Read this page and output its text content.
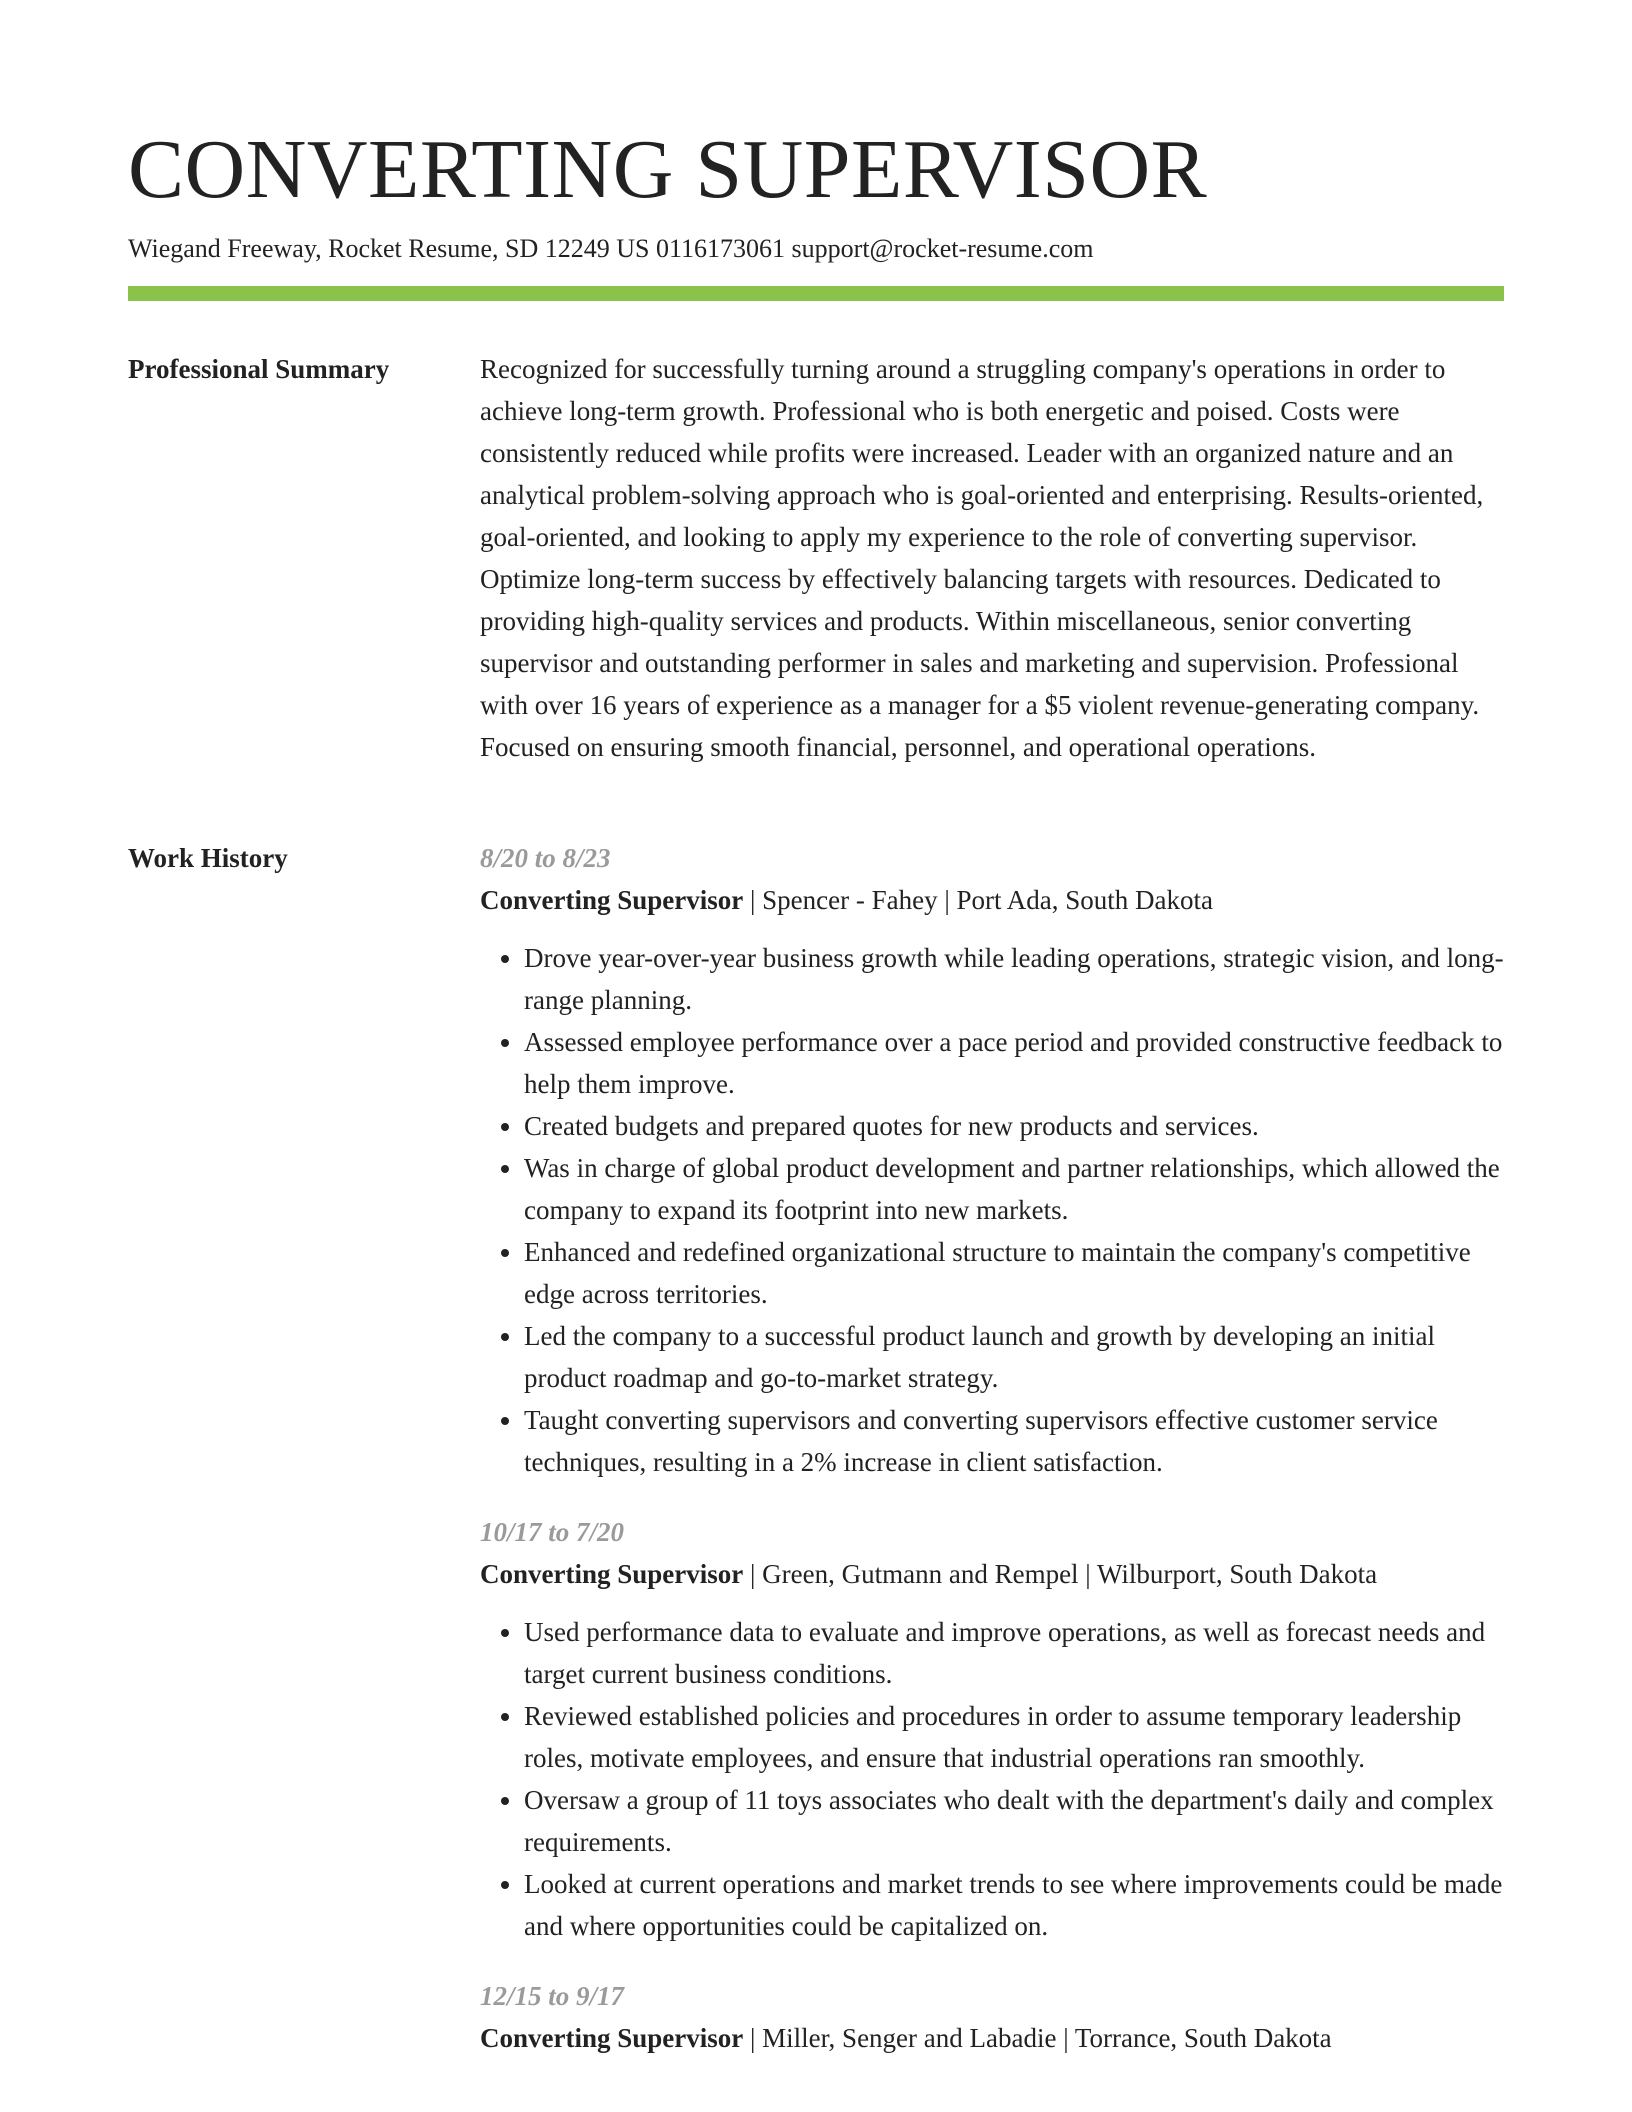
CONVERTING SUPERVISOR
Wiegand Freeway, Rocket Resume, SD 12249 US 0116173061 support@rocket-resume.com
Professional Summary	Recognized for successfully turning around a struggling company's operations in order to achieve long-term growth. Professional who is both energetic and poised. Costs were consistently reduced while profits were increased. Leader with an organized nature and an analytical problem-solving approach who is goal-oriented and enterprising. Results-oriented, goal-oriented, and looking to apply my experience to the role of converting supervisor. Optimize long-term success by effectively balancing targets with resources. Dedicated to providing high-quality services and products. Within miscellaneous, senior converting supervisor and outstanding performer in sales and marketing and supervision. Professional with over 16 years of experience as a manager for a $5 violent revenue-generating company. Focused on ensuring smooth financial, personnel, and operational operations.

Work History	8/20 to 8/23
Converting Supervisor | Spencer - Fahey | Port Ada, South Dakota
• Drove year-over-year business growth while leading operations, strategic vision, and long-range planning.
• Assessed employee performance over a pace period and provided constructive feedback to help them improve.
• Created budgets and prepared quotes for new products and services.
• Was in charge of global product development and partner relationships, which allowed the company to expand its footprint into new markets.
• Enhanced and redefined organizational structure to maintain the company's competitive edge across territories.
• Led the company to a successful product launch and growth by developing an initial product roadmap and go-to-market strategy.
• Taught converting supervisors and converting supervisors effective customer service techniques, resulting in a 2% increase in client satisfaction.
10/17 to 7/20
Converting Supervisor | Green, Gutmann and Rempel | Wilburport, South Dakota
• Used performance data to evaluate and improve operations, as well as forecast needs and target current business conditions.
• Reviewed established policies and procedures in order to assume temporary leadership roles, motivate employees, and ensure that industrial operations ran smoothly.
• Oversaw a group of 11 toys associates who dealt with the department's daily and complex requirements.
• Looked at current operations and market trends to see where improvements could be made and where opportunities could be capitalized on.
12/15 to 9/17
Converting Supervisor | Miller, Senger and Labadie | Torrance, South Dakota
